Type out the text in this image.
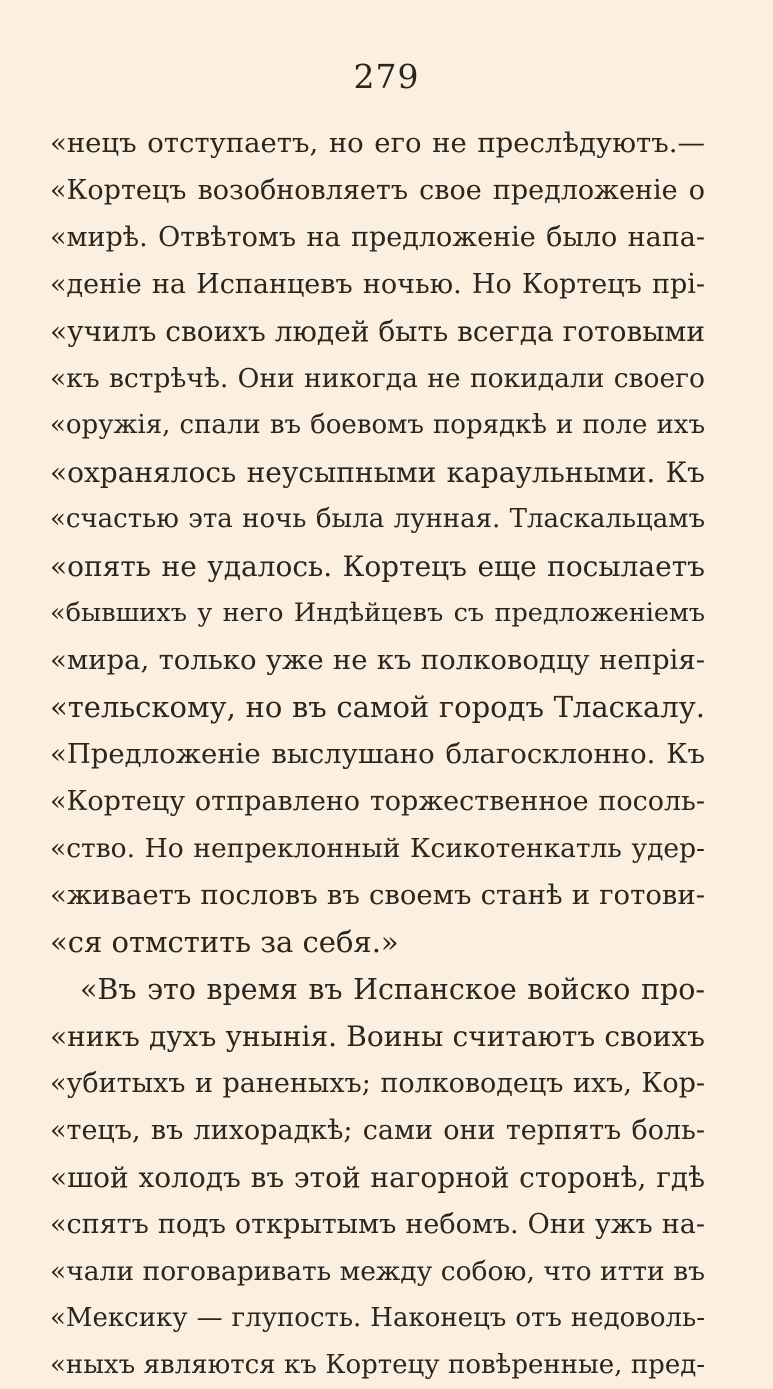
279
«нецъ отступаетъ, но его не преслѣдуютъ.—
«Кортецъ возобновляетъ свое предложеніе о
«мирѣ. Отвѣтомъ на предложеніе было напа-
«деніе на Испанцевъ ночью. Но Кортецъ пpi-
«училъ своихъ людей быть всегда готовыми
«къ встрѣчѣ. Они никогда не покидали своего
«оружiя, спали въ боевомъ порядкѣ и поле ихъ
«охранялось неусыпными караульными. Къ
«счастью эта ночь была лунная. Тласкальцамъ
«опять не удалось. Кортецъ еще посылаетъ
«бывшихъ у него Индѣйцевъ съ предложеніемъ
«мира, только уже не къ полководцу непрiя-
«тельскому, но въ самой городъ Тласкалу.
«Предложеніе выслушано благосклонно. Къ
«Кортецу отправлено торжественное посоль-
«ство. Но непреклонный Ксикотенкатль удер-
«живаетъ пословъ въ своемъ станѣ и готови-
«ся отмстить за себя.»
«Въ это время въ Испанское войско про-
«никъ духъ унынія. Воины считаютъ своихъ
«убитыхъ и раненыхъ; полководецъ ихъ, Кор-
«тецъ, въ лихорадкѣ; сами они терпятъ боль-
«шой холодъ въ этой нагорной сторонѣ, гдѣ
«спятъ подъ открытымъ небомъ. Они ужъ на-
«чали поговаривать между собою, что итти въ
«Мексику — глупость. Наконецъ отъ недоволь-
«ныхъ являются къ Кортецу повѣренные, пред-
